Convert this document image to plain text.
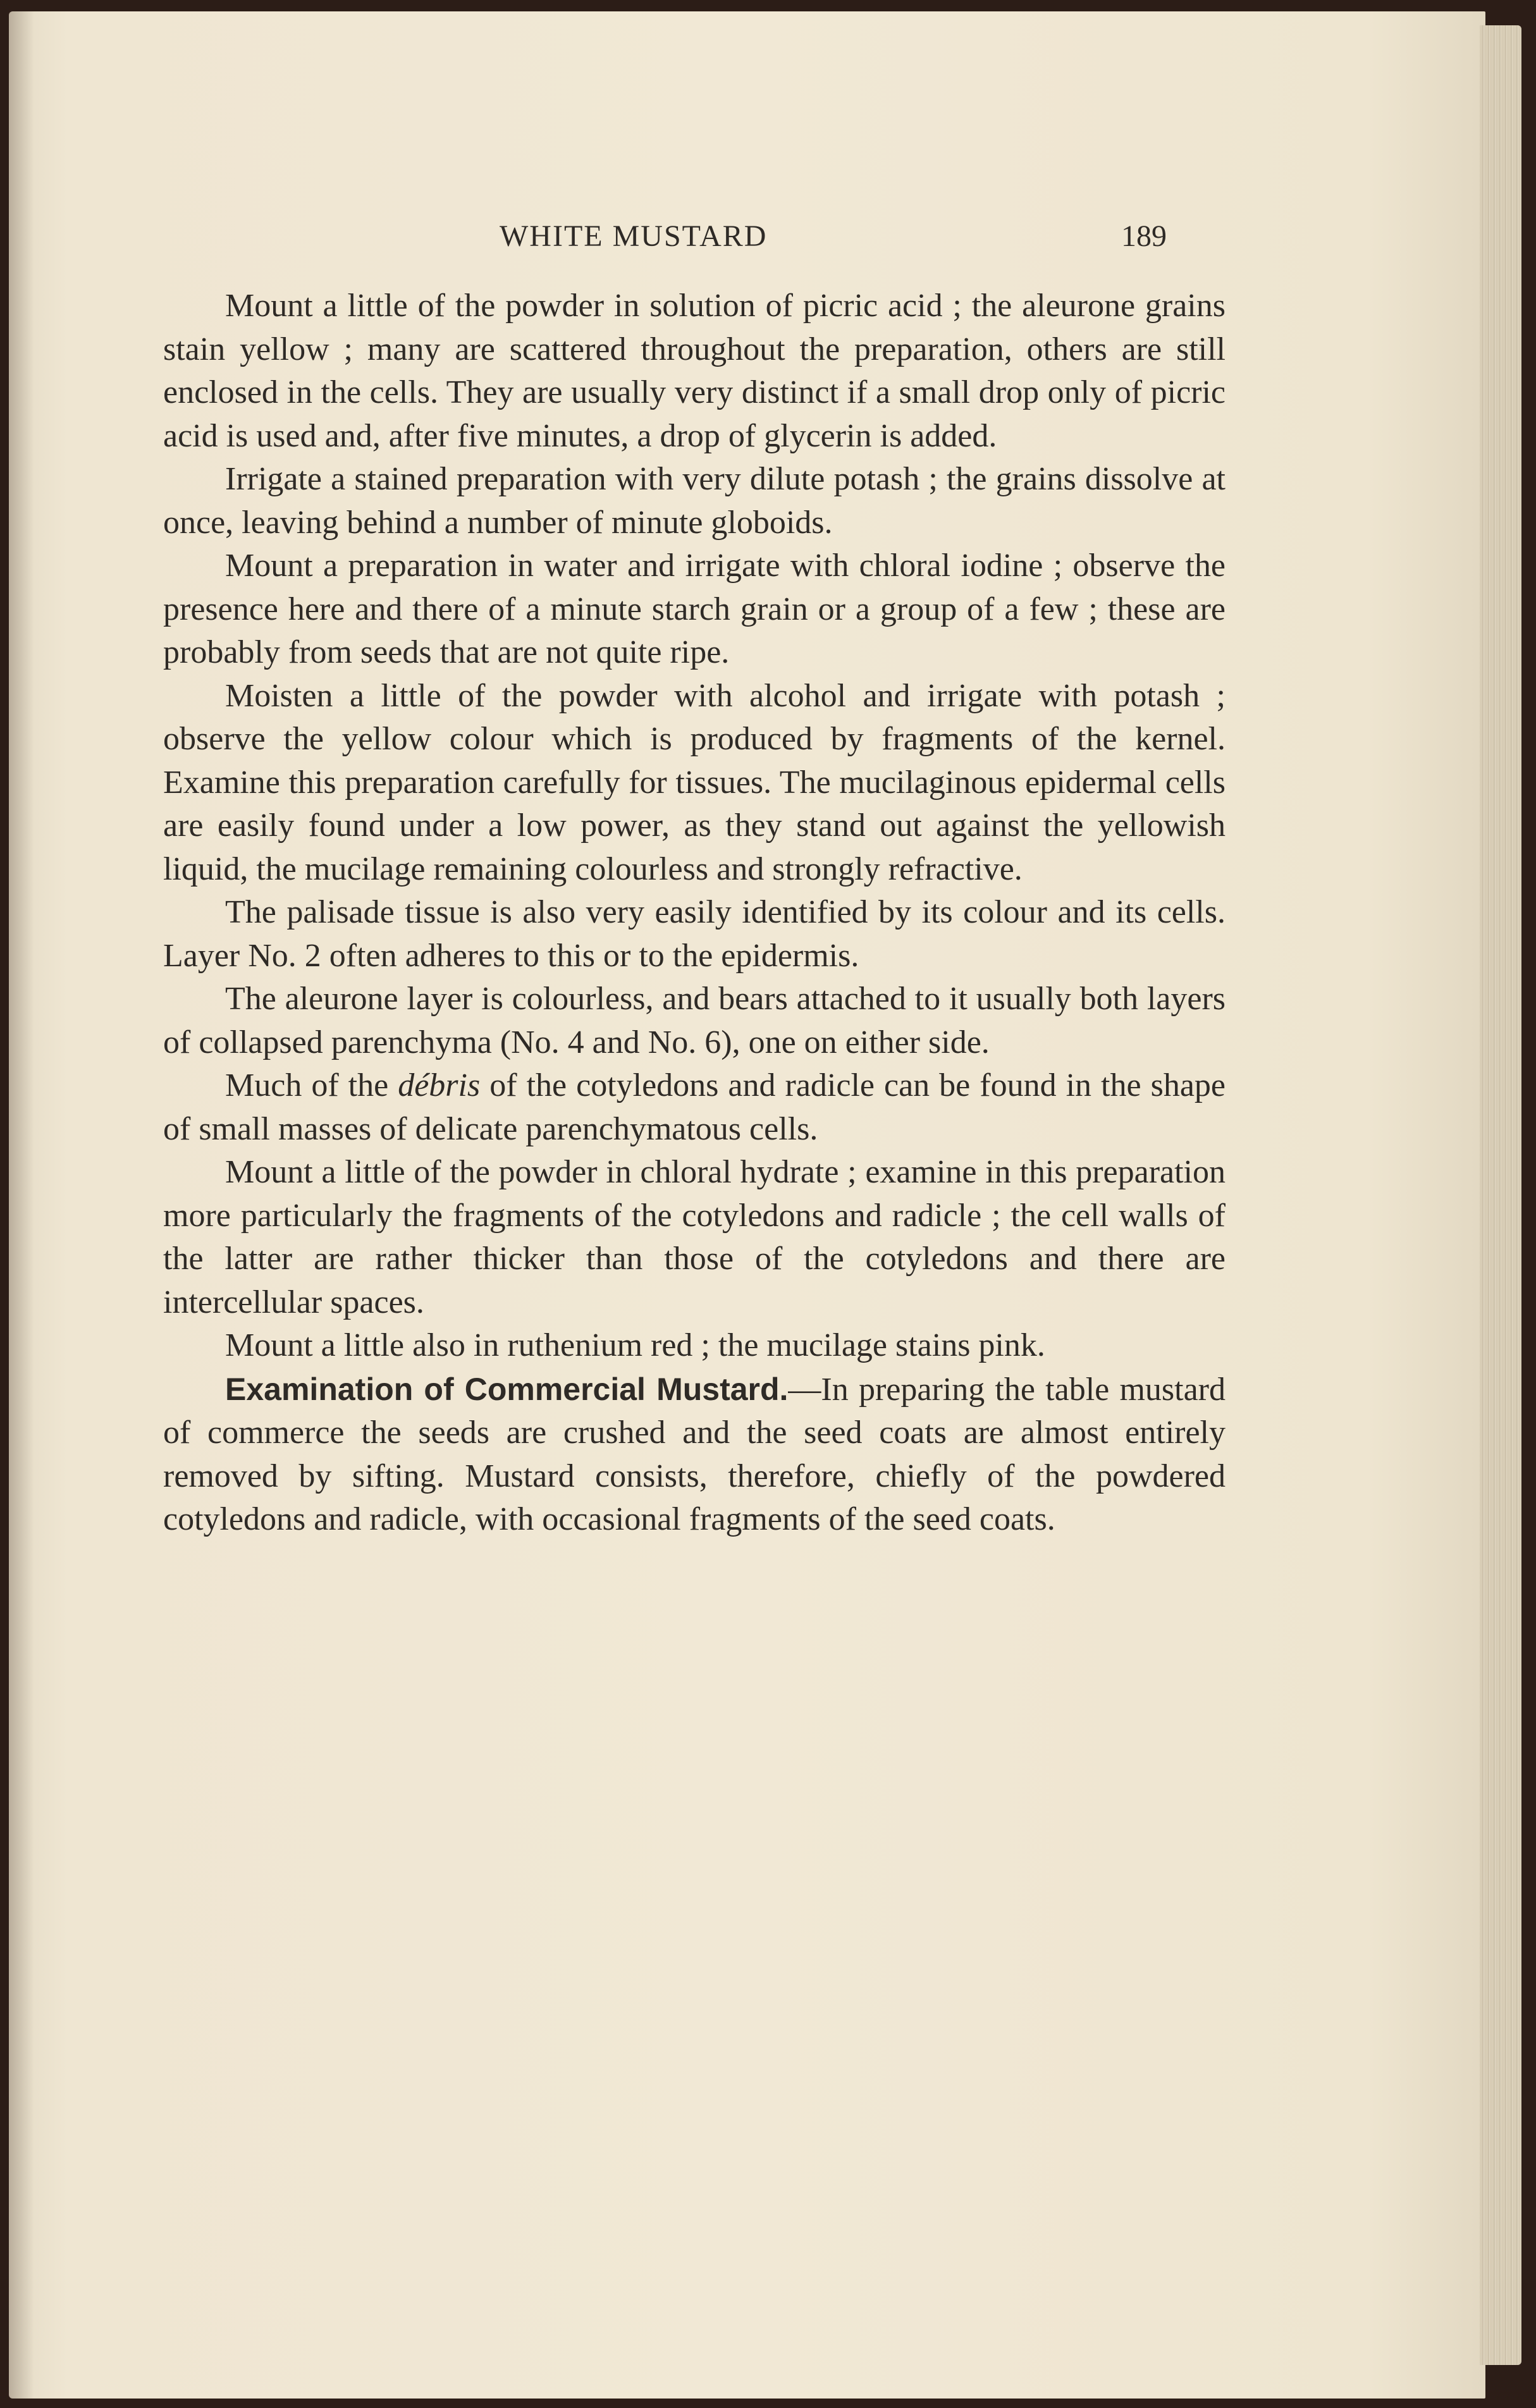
WHITE MUSTARD	189

Mount a little of the powder in solution of picric acid ; the aleurone grains stain yellow ; many are scattered throughout the preparation, others are still enclosed in the cells. They are usually very distinct if a small drop only of picric acid is used and, after five minutes, a drop of glycerin is added.

Irrigate a stained preparation with very dilute potash ; the grains dissolve at once, leaving behind a number of minute globoids.

Mount a preparation in water and irrigate with chloral iodine ; observe the presence here and there of a minute starch grain or a group of a few ; these are probably from seeds that are not quite ripe.

Moisten a little of the powder with alcohol and irrigate with potash ; observe the yellow colour which is produced by fragments of the kernel. Examine this preparation carefully for tissues. The mucilaginous epidermal cells are easily found under a low power, as they stand out against the yellowish liquid, the mucilage remaining colourless and strongly refractive.

The palisade tissue is also very easily identified by its colour and its cells. Layer No. 2 often adheres to this or to the epidermis.

The aleurone layer is colourless, and bears attached to it usually both layers of collapsed parenchyma (No. 4 and No. 6), one on either side.

Much of the débris of the cotyledons and radicle can be found in the shape of small masses of delicate parenchymatous cells.

Mount a little of the powder in chloral hydrate ; examine in this preparation more particularly the fragments of the cotyledons and radicle ; the cell walls of the latter are rather thicker than those of the cotyledons and there are intercellular spaces.

Mount a little also in ruthenium red ; the mucilage stains pink.

Examination of Commercial Mustard.—In preparing the table mustard of commerce the seeds are crushed and the seed coats are almost entirely removed by sifting. Mustard consists, therefore, chiefly of the powdered cotyledons and radicle, with occasional fragments of the seed coats.
